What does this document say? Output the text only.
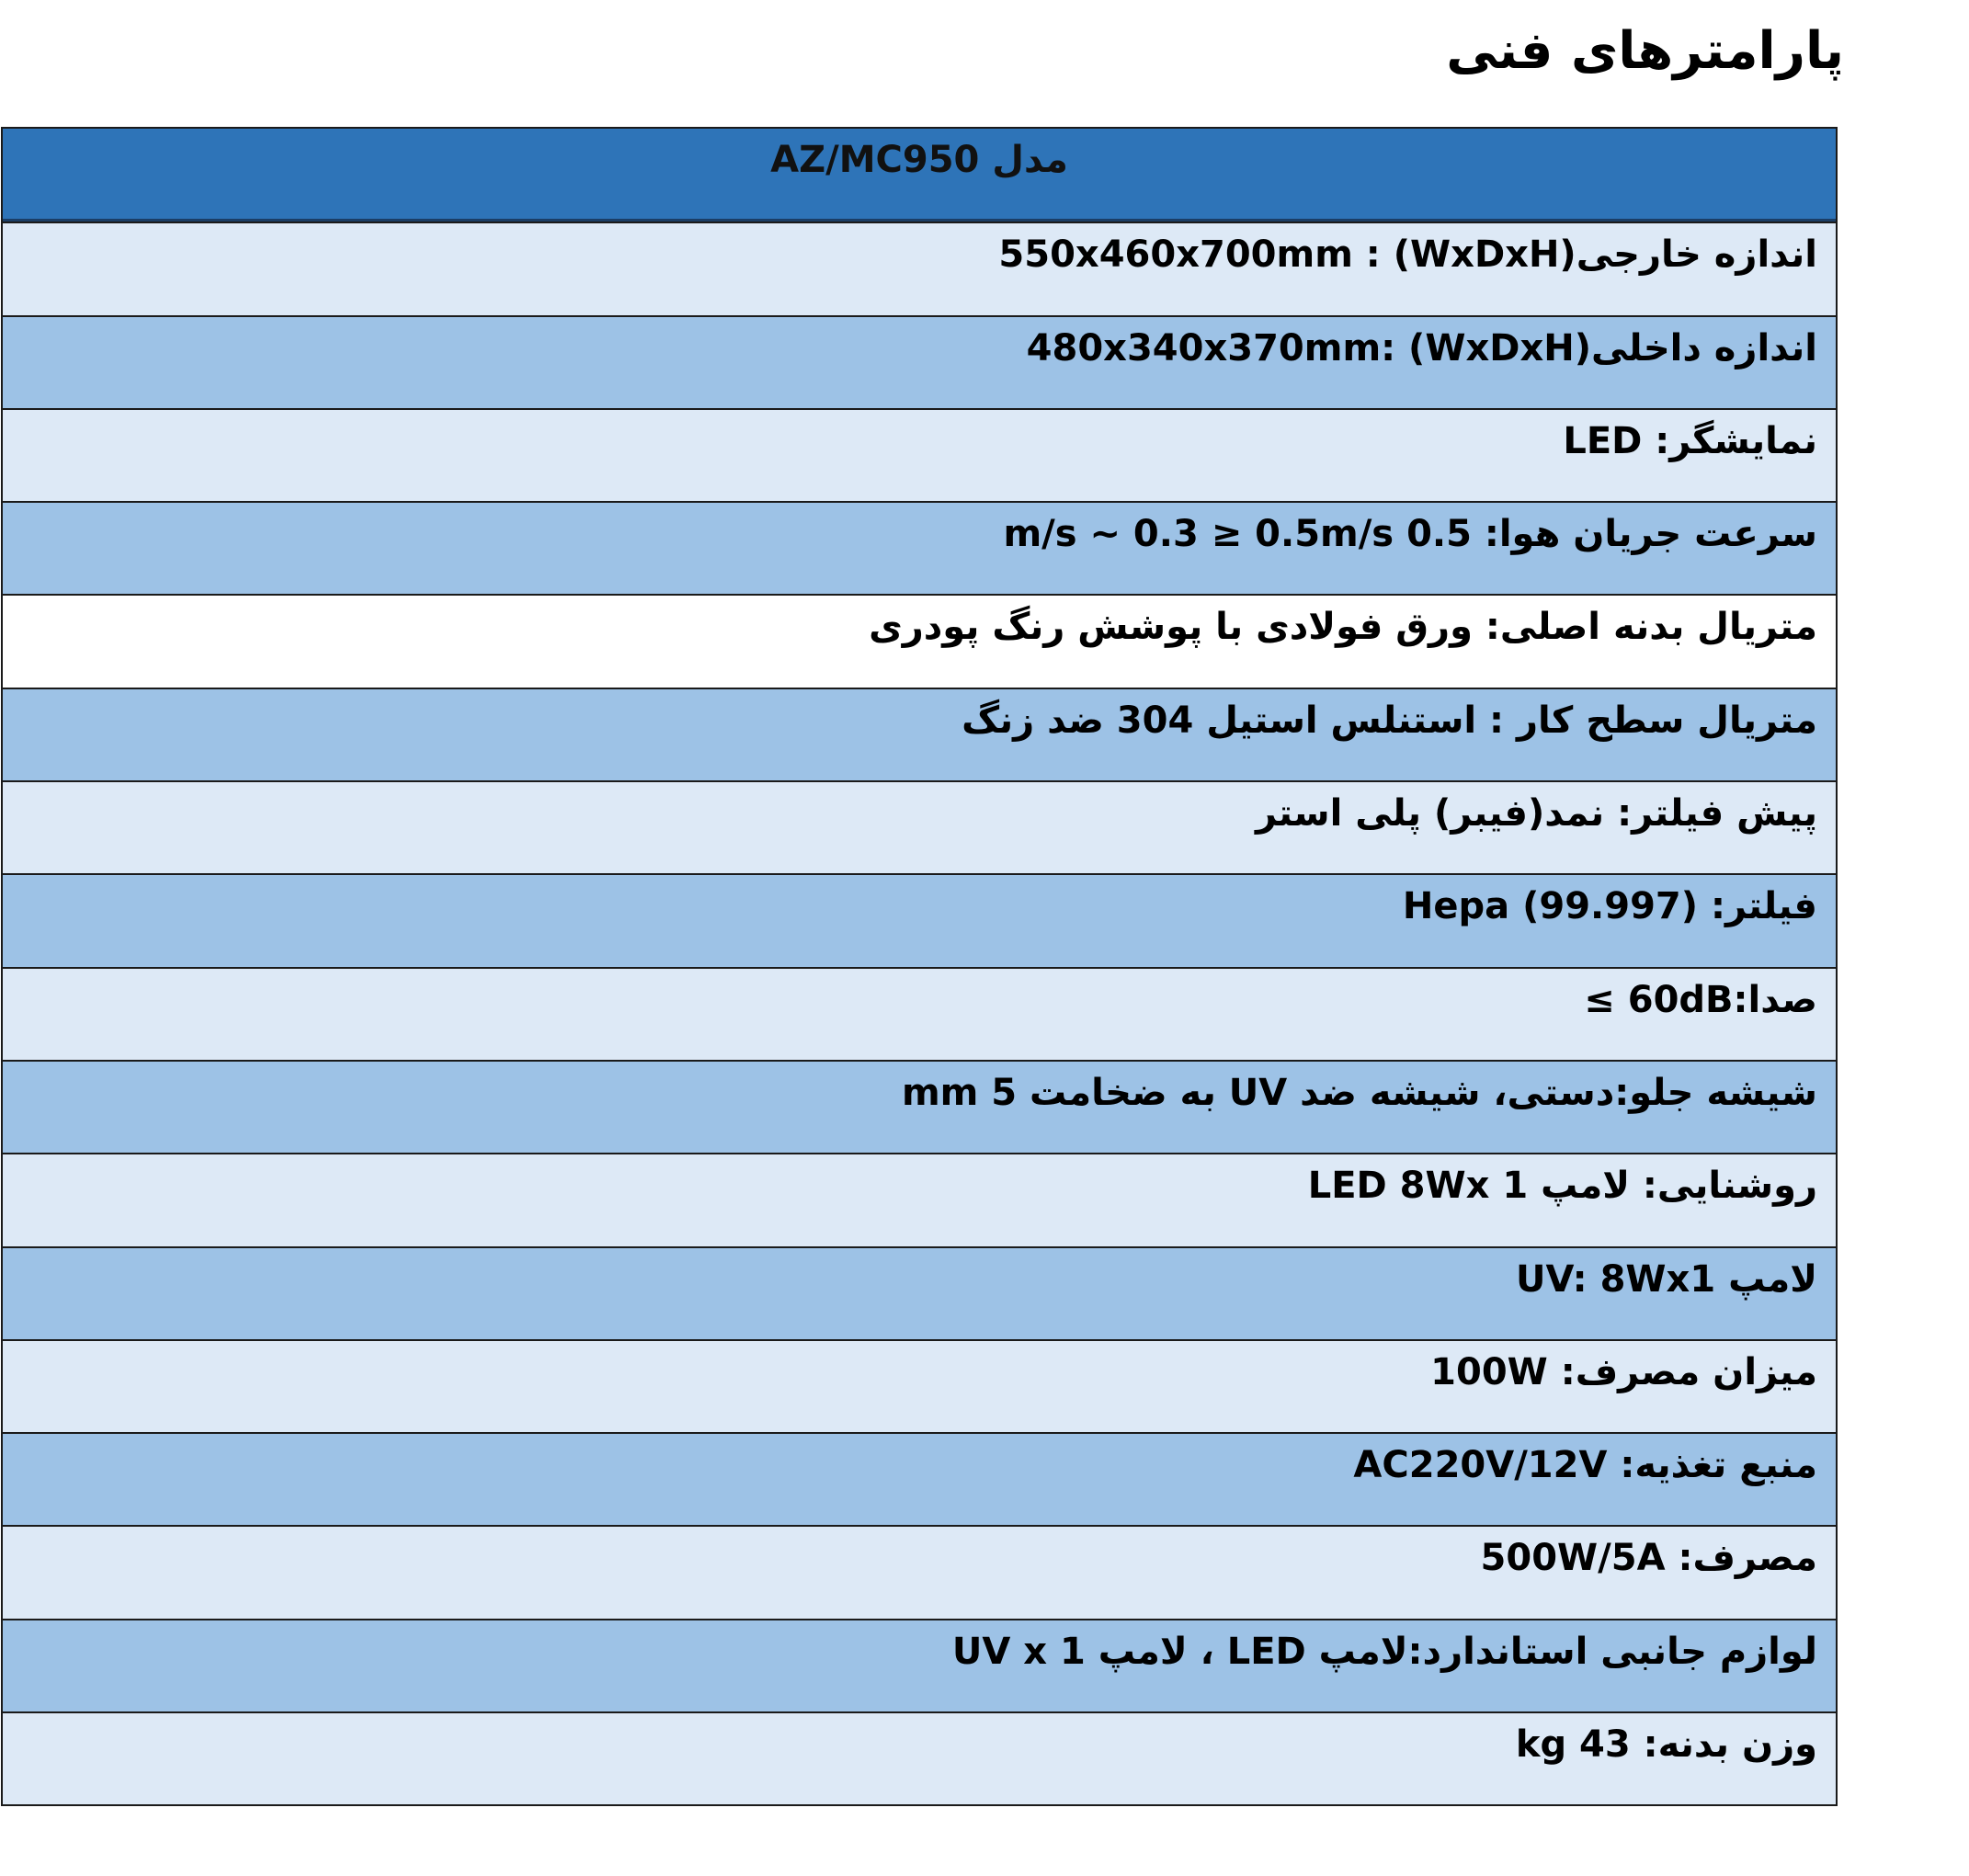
پارامترهای فنی
مدل AZ/MC950
اندازه خارجی(WxDxH) : 550x460x700mm
اندازه داخلی(WxDxH) :480x340x370mm
نمایشگر: LED
سرعت جریان هوا: 0.5 m/s ~ 0.3 ≥ 0.5m/s
متریال بدنه اصلی: ورق فولادی با پوشش رنگ پودری
متریال سطح کار : استنلس استیل 304 ضد زنگ
پیش فیلتر: نمد(فیبر) پلی استر
فیلتر: (99.997) Hepa
صدا:60dB ≥
شیشه جلو:دستی، شیشه ضد UV به ضخامت 5 mm
روشنایی: لامپ LED 8Wx 1
لامپ UV: 8Wx1
میزان مصرف: 100W
منبع تغذیه: AC220V/12V
مصرف: 500W/5A
لوازم جانبی استاندارد:لامپ LED ، لامپ UV x 1
وزن بدنه: 43 kg
